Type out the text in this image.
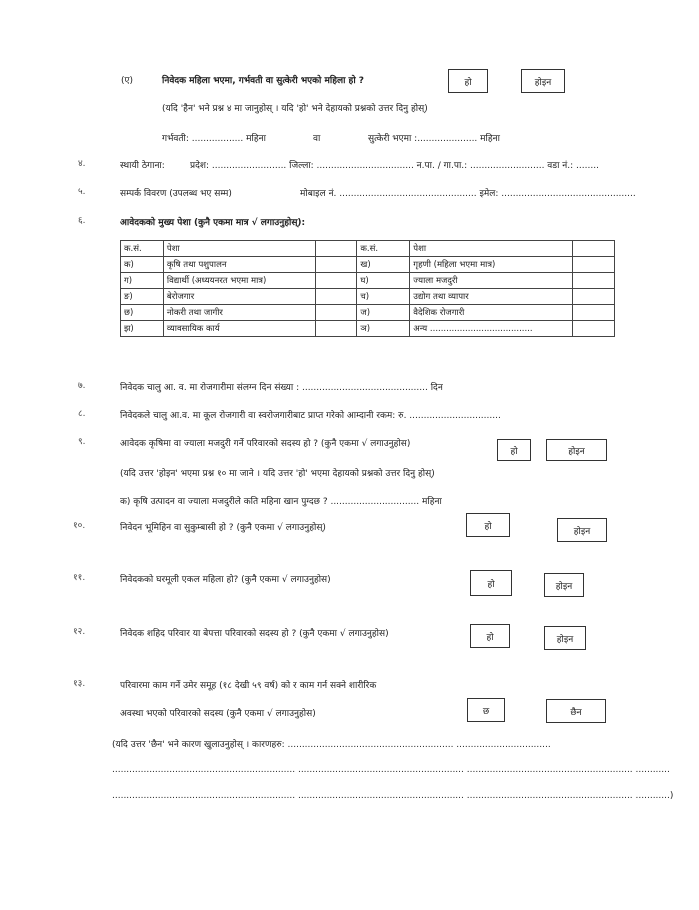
(ए)	निवेदक महिला भएमा, गर्भवती वा सुत्केरी भएको महिला हो ?	हो	होइन
(यदि 'हैन' भने प्रश्न ४ मा जानुहोस् । यदि 'हो' भने देहायको प्रश्नको उत्तर दिनु होस्)
गर्भवती: .................. महिना	वा	सुत्केरी भएमा :..................... महिना
४.	स्थायी ठेगाना:	प्रदेश: .......................... जिल्ला: .................................. न.पा. / गा.पा.: .......................... वडा नं.: ........
५.	सम्पर्क विवरण (उपलब्ध भए सम्म)	मोबाइल नं. ................................................ इमेल: ...............................................
६.	आवेदकको मुख्य पेशा (कुनै एकमा मात्र √ लगाउनुहोस्):
क.सं.	पेशा		क.सं.	पेशा	
क)	कृषि तथा पशुपालन		ख)	गृहणी (महिला भएमा मात्र)	
ग)	विद्यार्थी (अध्ययनरत भएमा मात्र)		घ)	ज्याला मजदुरी	
ङ)	बेरोजगार		च)	उद्योग तथा व्यापार	
छ)	नोकरी तथा जागीर		ज)	वैदेशिक रोजगारी	
झ)	व्यावसायिक कार्य		ञ)	अन्य ......................................	
७.	निवेदक चालु आ. व. मा रोजगारीमा संलग्न दिन संख्या : ............................................ दिन
८.	निवेदकले चालु आ.व. मा कूल रोजगारी वा स्वरोजगारीबाट प्राप्त गरेको आम्दानी रकम: रु. ................................
९.	आवेदक कृषिमा वा ज्याला मजदुरी गर्ने परिवारको सदस्य हो ? (कुनै एकमा √ लगाउनुहोस)
हो	होइन
(यदि उत्तर 'होइन' भएमा प्रश्न १० मा जाने । यदि उत्तर 'हो' भएमा देहायको प्रश्नको उत्तर दिनु होस्)
क) कृषि उत्पादन वा ज्याला मजदुरीले कति महिना खान पुग्दछ ? ............................... महिना
१०.	निवेदन भूमिहिन वा सुकुम्बासी हो ? (कुनै एकमा √ लगाउनुहोस्)	हो	होइन
११.	निवेदकको घरमूली एकल महिला हो? (कुनै एकमा √ लगाउनुहोस)	हो	होइन
१२.	निवेदक शहिद परिवार या बेपत्ता परिवारको सदस्य हो ? (कुनै एकमा √ लगाउनुहोस)	हो	होइन
१३.	परिवारमा काम गर्ने उमेर समूह (१८ देखी ५९ वर्ष) को र काम गर्न सक्ने शारीरिक
अवस्था भएको परिवारको सदस्य (कुनै एकमा √ लगाउनुहोस)	छ	छैन
(यदि उत्तर 'छैन' भने कारण खुलाउनुहोस् । कारणहरु: .......................................................... .................................
................................................................ .......................................................... .......................................................... ............
................................................................ .......................................................... .......................................................... ............)
